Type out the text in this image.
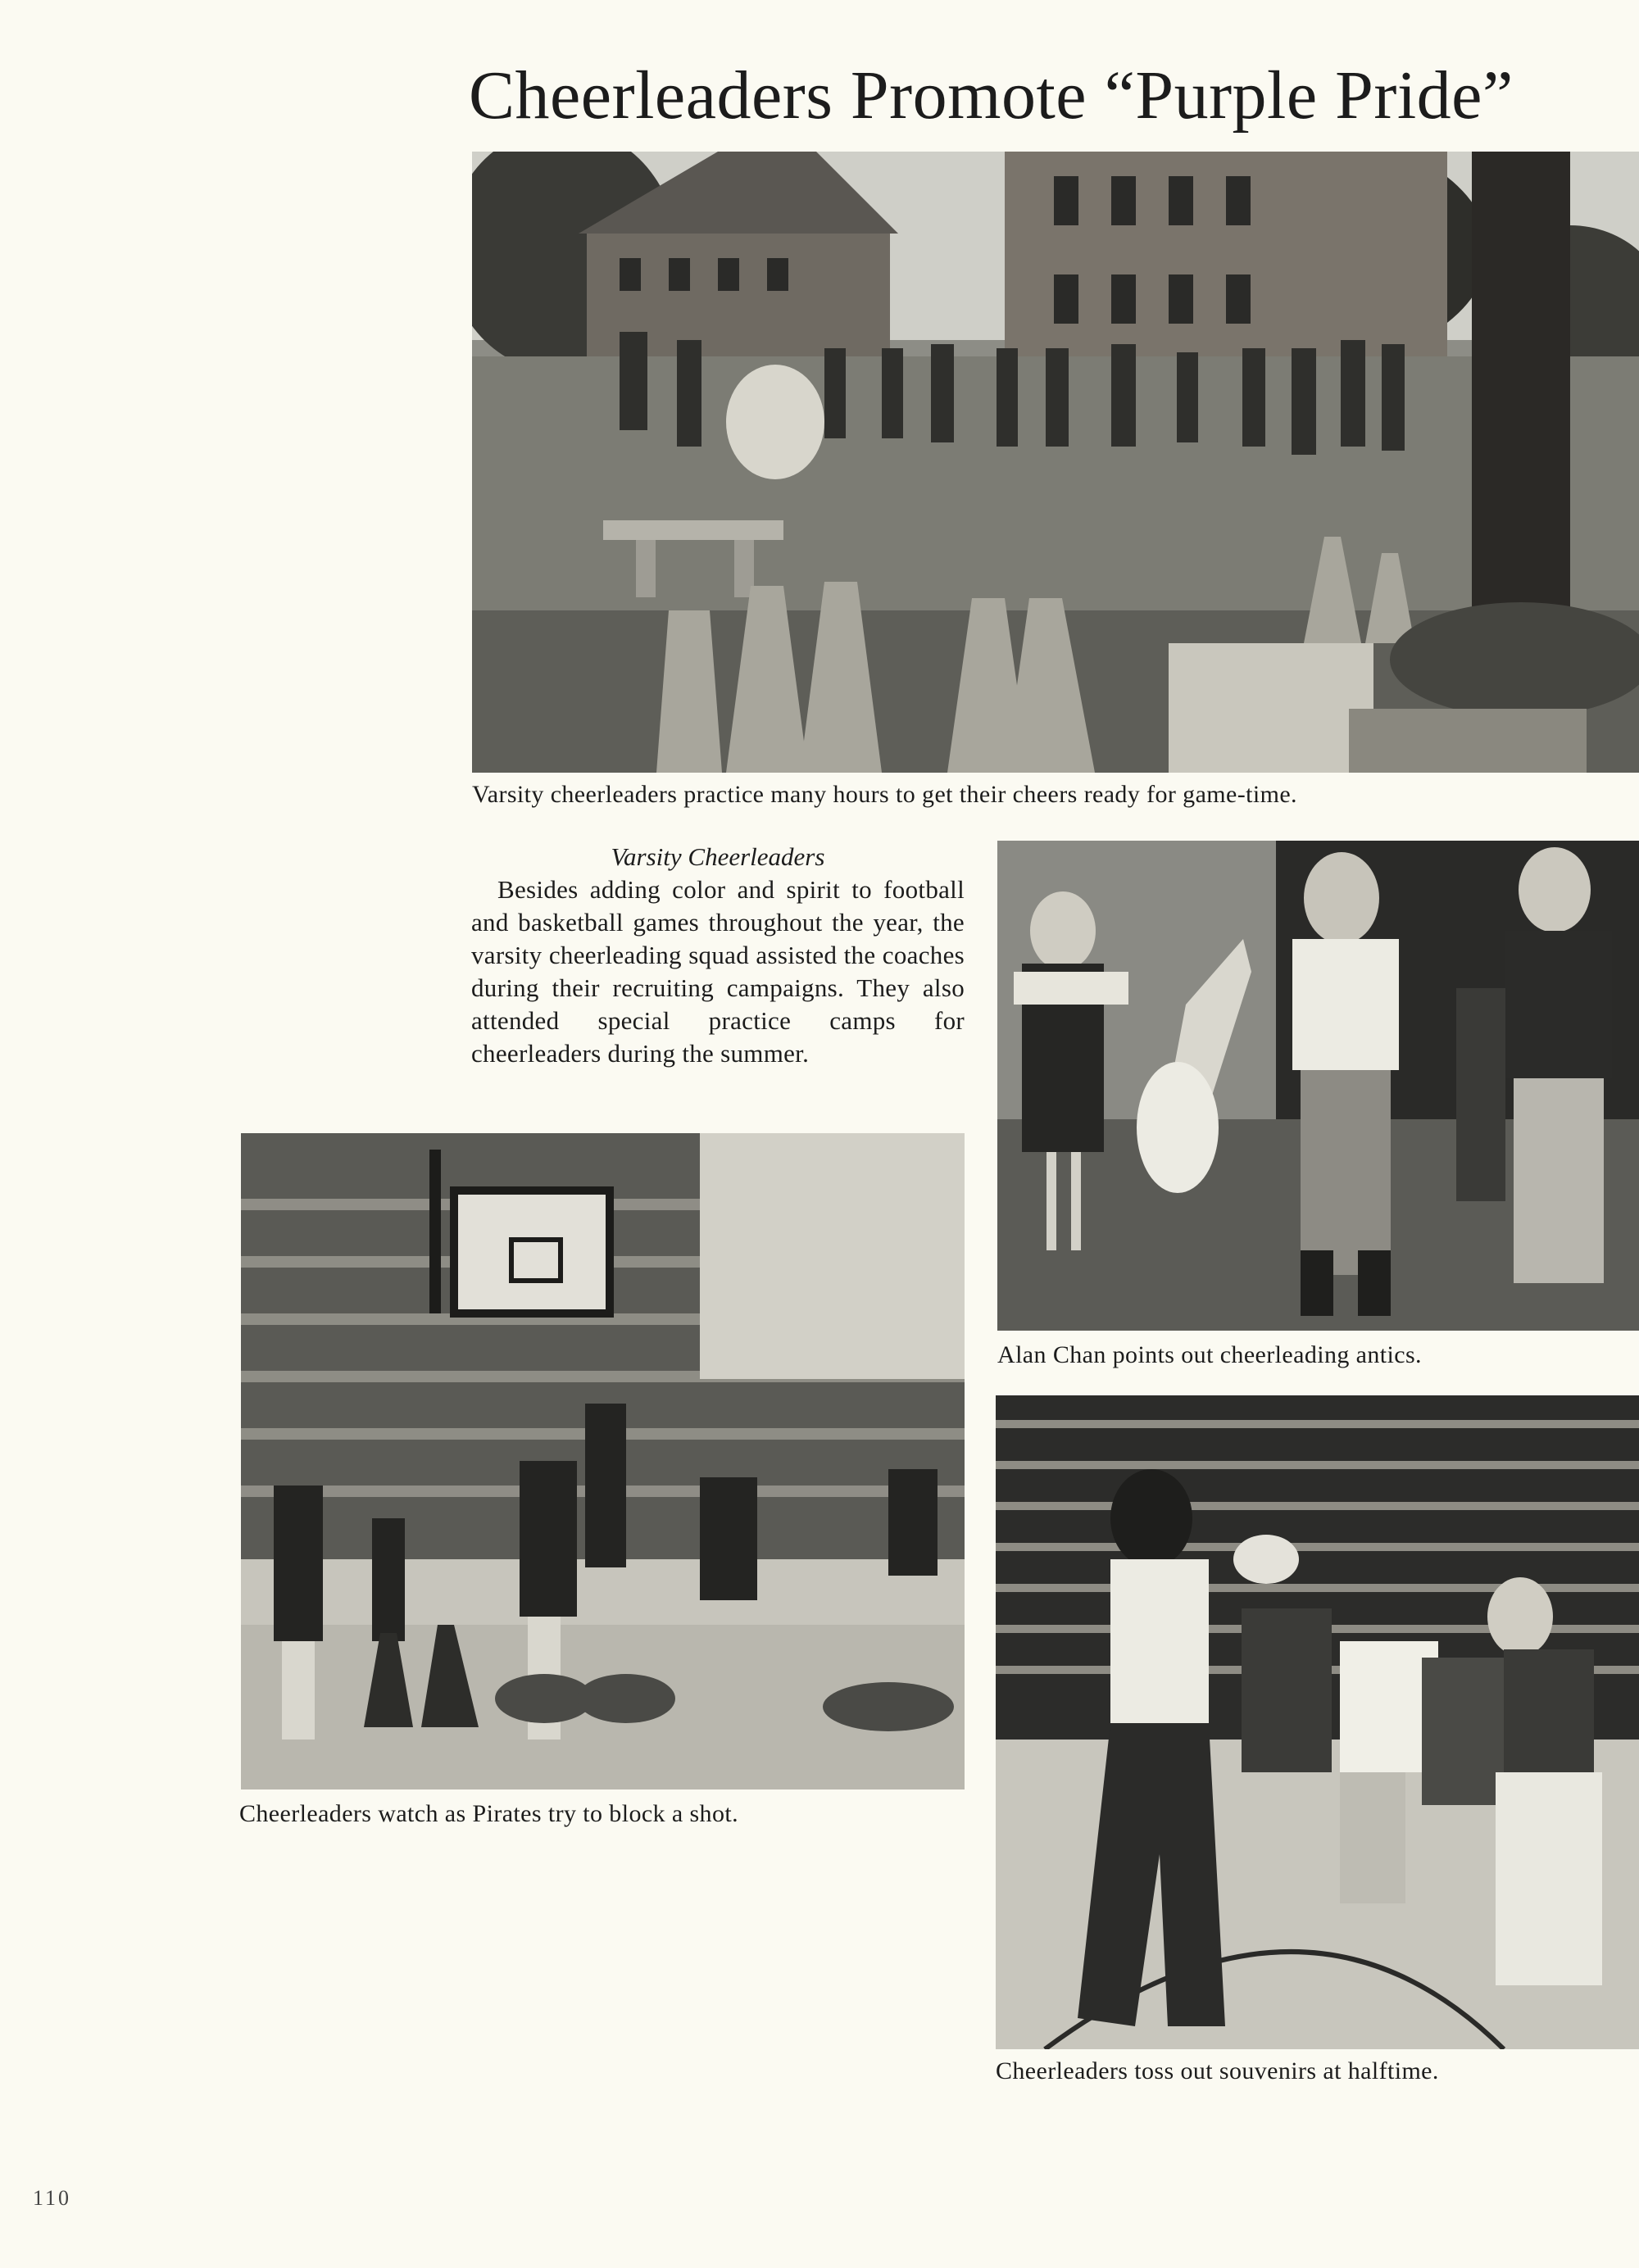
Cheerleaders Promote “Purple Pride”
Varsity cheerleaders practice many hours to get their cheers ready for game-time.

Varsity Cheerleaders

Besides adding color and spirit to football and basketball games throughout the year, the varsity cheerleading squad assisted the coaches during their recruiting campaigns. They also attended special practice camps for cheerleaders during the summer.

Alan Chan points out cheerleading antics.
Cheerleaders watch as Pirates try to block a shot.
Cheerleaders toss out souvenirs at halftime.
110
